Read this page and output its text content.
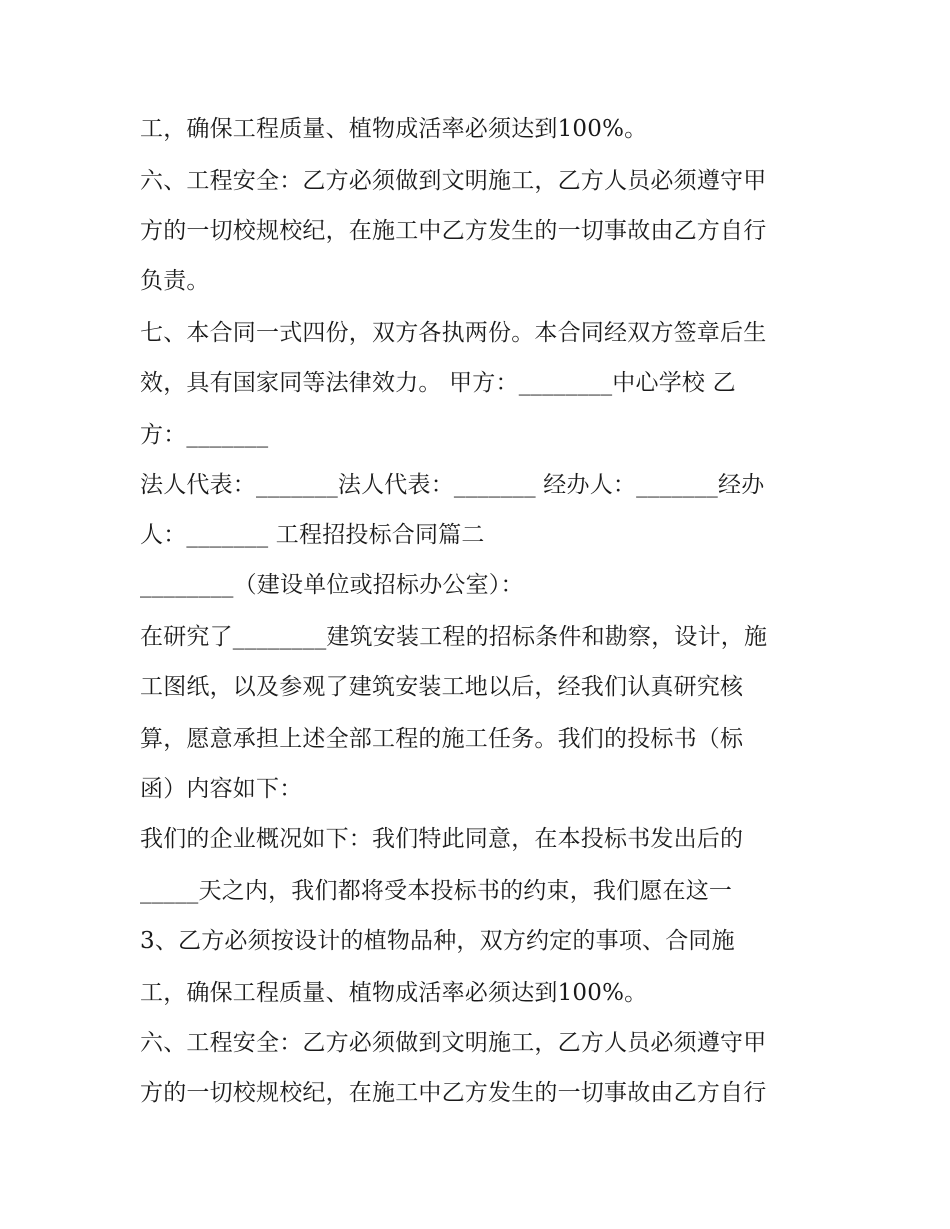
工，确保工程质量、植物成活率必须达到100%。
六、工程安全：乙方必须做到文明施工，乙方人员必须遵守甲
方的一切校规校纪，在施工中乙方发生的一切事故由乙方自行
负责。
七、本合同一式四份，双方各执两份。本合同经双方签章后生
效，具有国家同等法律效力。 甲方：________中心学校 乙
方：_______
法人代表：_______法人代表：_______ 经办人：_______经办
人：_______ 工程招投标合同篇二
________（建设单位或招标办公室）：
在研究了________建筑安装工程的招标条件和勘察，设计，施
工图纸，以及参观了建筑安装工地以后，经我们认真研究核
算，愿意承担上述全部工程的施工任务。我们的投标书（标
函）内容如下：
我们的企业概况如下：我们特此同意，在本投标书发出后的
_____天之内，我们都将受本投标书的约束，我们愿在这一
3、乙方必须按设计的植物品种，双方约定的事项、合同施
工，确保工程质量、植物成活率必须达到100%。
六、工程安全：乙方必须做到文明施工，乙方人员必须遵守甲
方的一切校规校纪，在施工中乙方发生的一切事故由乙方自行
